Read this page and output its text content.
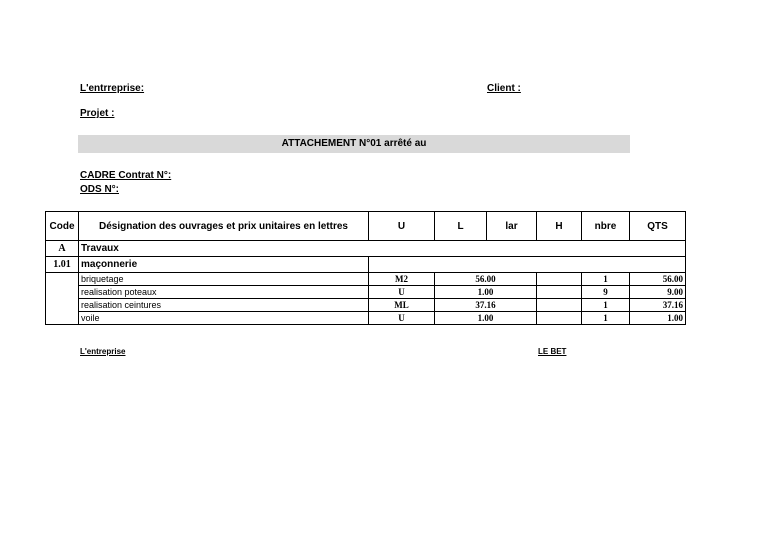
L'entrreprise:	Client :
Projet :
ATTACHEMENT N°01 arrêté au
CADRE Contrat N°:
ODS N°:
Code	Désignation des ouvrages et prix unitaires en lettres	U	L	lar	H	nbre	QTS
A	Travaux						
1.01	maçonnerie						
	briquetage	M2	56.00			1	56.00
	realisation poteaux	U	1.00			9	9.00
	realisation ceintures	ML	37.16			1	37.16
	voile	U	1.00			1	1.00
L'entreprise	LE BET
